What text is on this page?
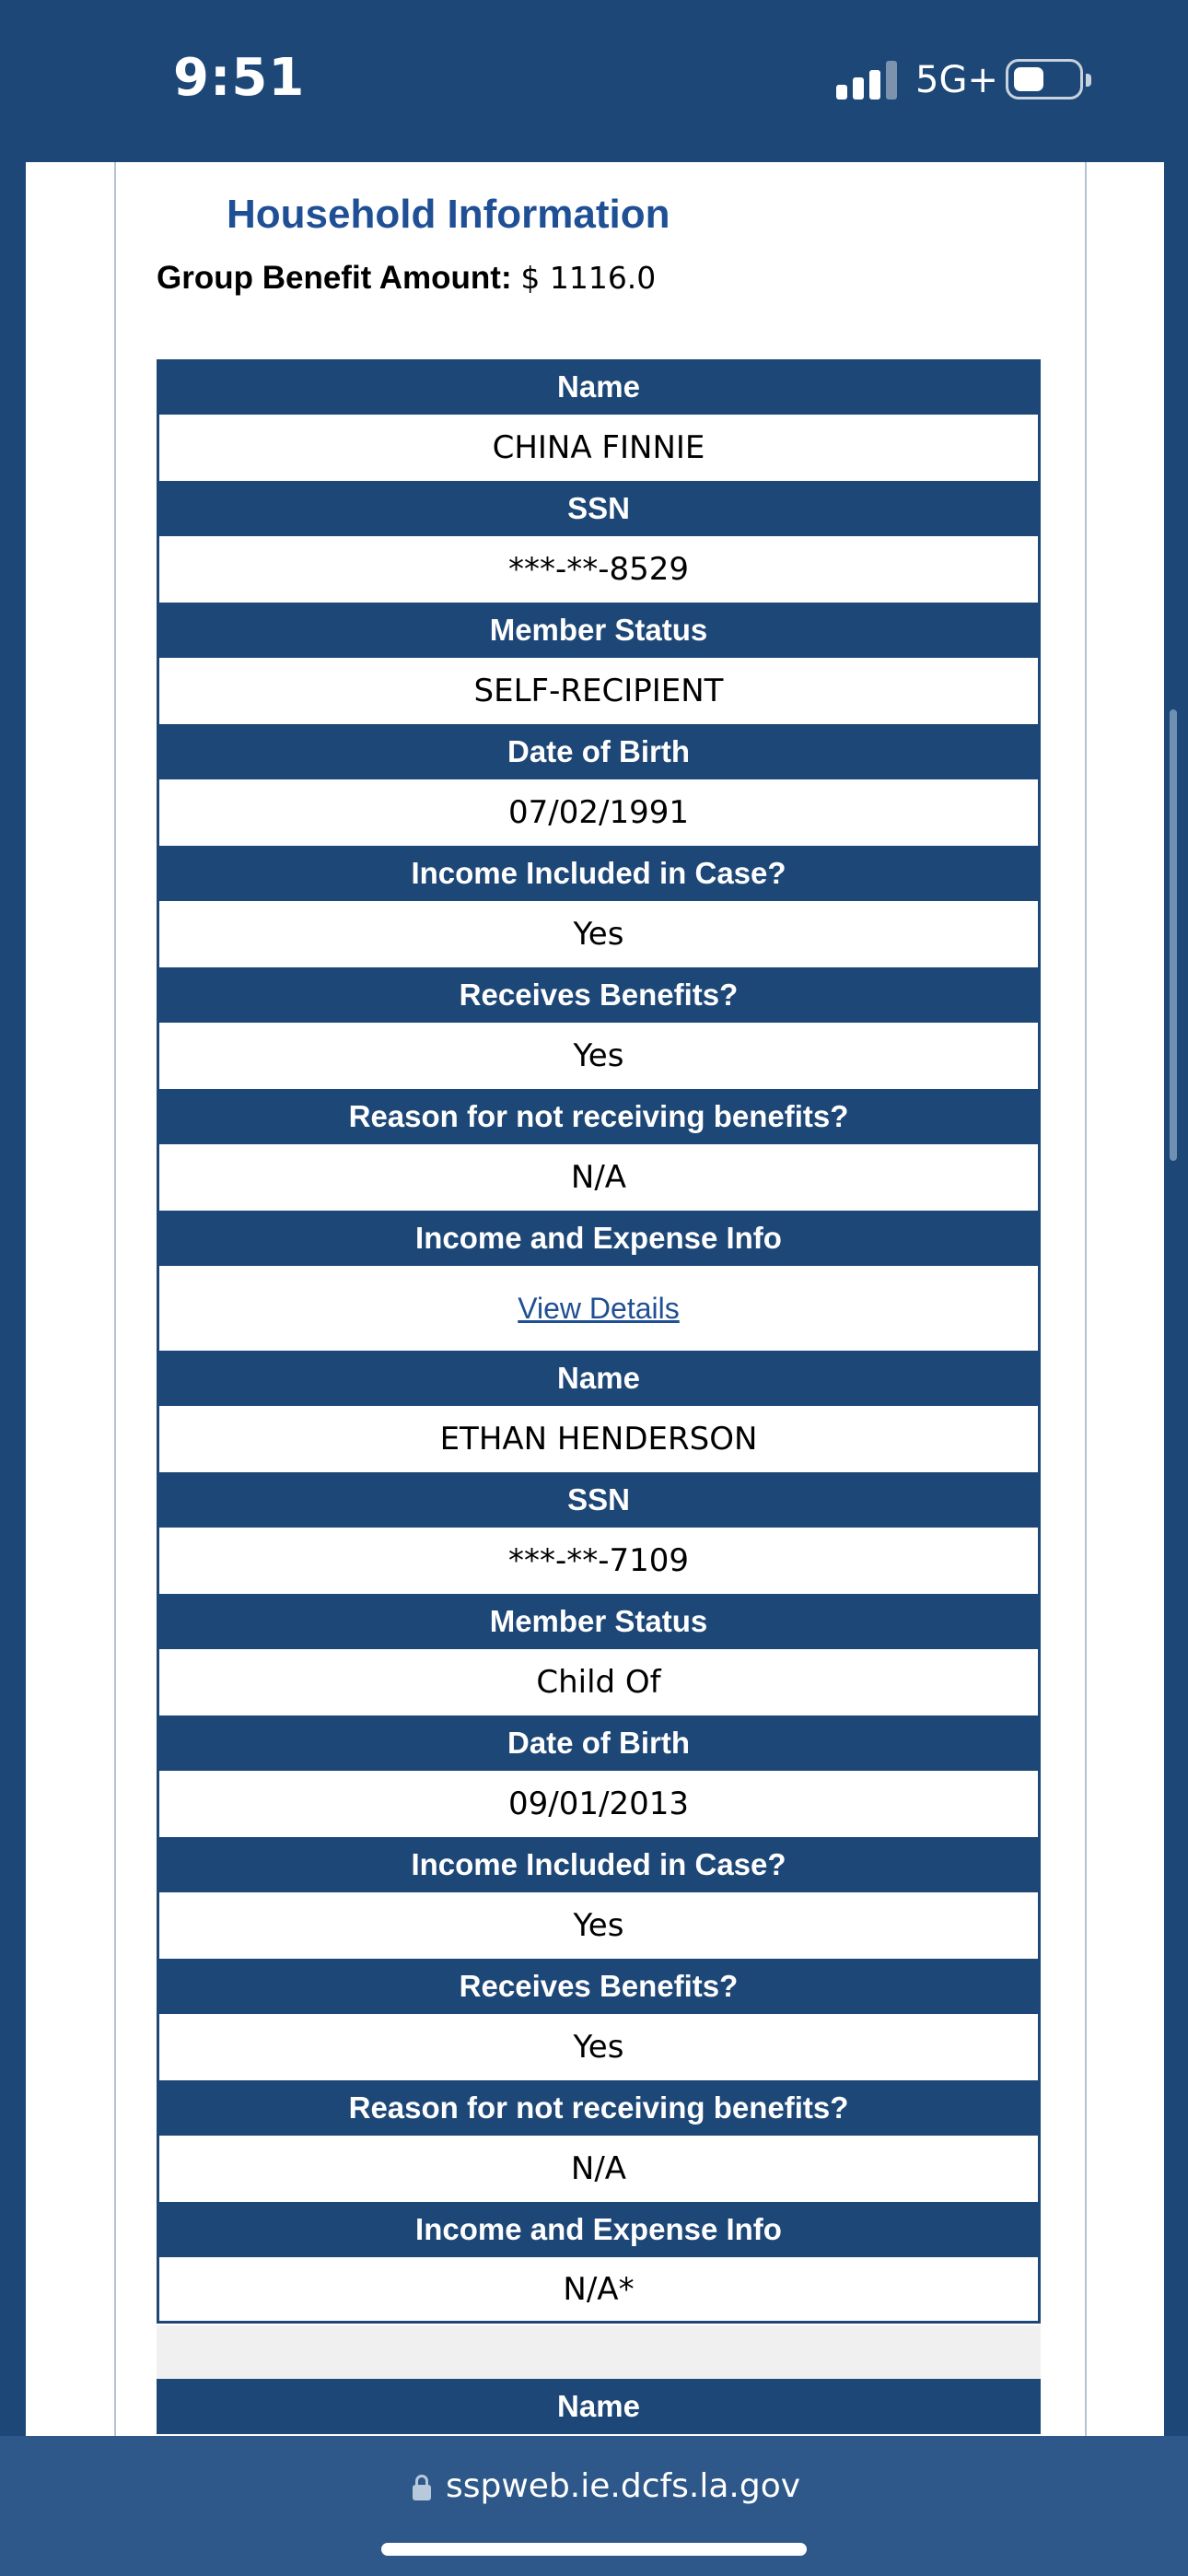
9:51	5G+
Household Information
Group Benefit Amount: $ 1116.0
Name
CHINA FINNIE
SSN
***-**-8529
Member Status
SELF-RECIPIENT
Date of Birth
07/02/1991
Income Included in Case?
Yes
Receives Benefits?
Yes
Reason for not receiving benefits?
N/A
Income and Expense Info
View Details
Name
ETHAN HENDERSON
SSN
***-**-7109
Member Status
Child Of
Date of Birth
09/01/2013
Income Included in Case?
Yes
Receives Benefits?
Yes
Reason for not receiving benefits?
N/A
Income and Expense Info
N/A*
Name
sspweb.ie.dcfs.la.gov
